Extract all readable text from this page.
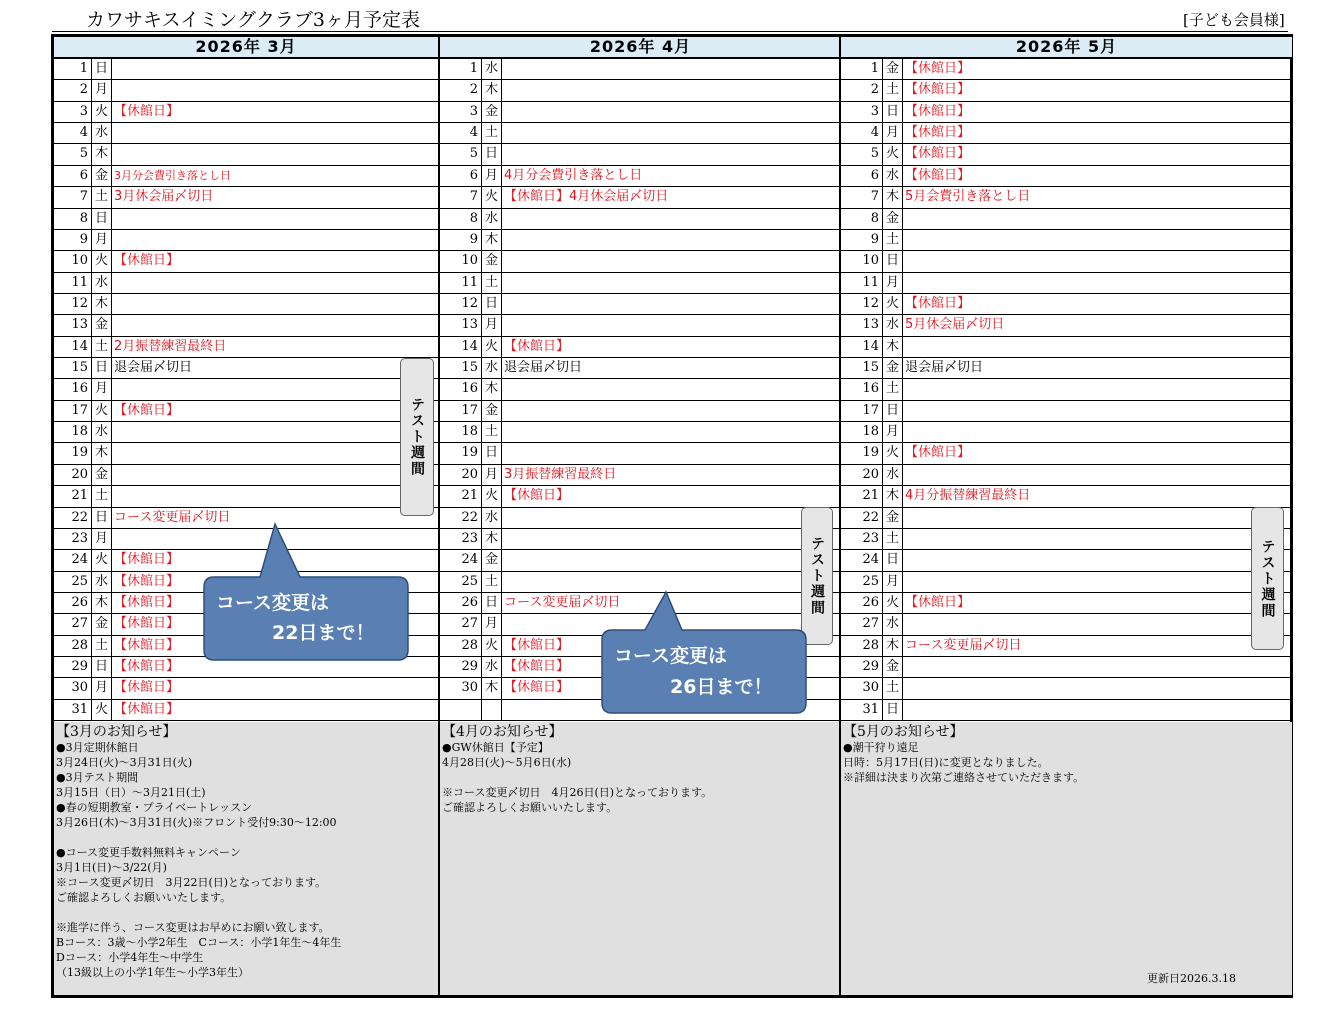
カワサキスイミングクラブ3ヶ月予定表	[子ども会員様]
2026年 3月
1 日
2 月
3 火 【休館日】
4 水
5 木
6 金 3月分会費引き落とし日
7 土 3月休会届〆切日
8 日
9 月
10 火 【休館日】
11 水
12 木
13 金
14 土 2月振替練習最終日
15 日 退会届〆切日
16 月
17 火 【休館日】
18 水
19 木
20 金
21 土
22 日 コース変更届〆切日
23 月
24 火 【休館日】
25 水 【休館日】
26 木 【休館日】
27 金 【休館日】
28 土 【休館日】
29 日 【休館日】
30 月 【休館日】
31 火 【休館日】
【3月のお知らせ】
●3月定期休館日
3月24日(火)～3月31日(火)
●3月テスト期間
3月15日（日）～3月21日(土)
●春の短期教室・プライベートレッスン
3月26日(木)～3月31日(火)※フロント受付9:30～12:00
●コース変更手数料無料キャンペーン
3月1日(日)～3/22(月)
※コース変更〆切日　3月22日(日)となっております。
ご確認よろしくお願いいたします。
※進学に伴う、コース変更はお早めにお願い致します。
Bコース：3歳～小学2年生　Cコース：小学1年生～4年生
Dコース：小学4年生～中学生
（13級以上の小学1年生～小学3年生）
2026年 4月
1 水
2 木
3 金
4 土
5 日
6 月 4月分会費引き落とし日
7 火 【休館日】4月休会届〆切日
8 水
9 木
10 金
11 土
12 日
13 月
14 火 【休館日】
15 水 退会届〆切日
16 木
17 金
18 土
19 日
20 月 3月振替練習最終日
21 火 【休館日】
22 水
23 木
24 金
25 土
26 日 コース変更届〆切日
27 月
28 火 【休館日】
29 水 【休館日】
30 木 【休館日】
【4月のお知らせ】
●GW休館日【予定】
4月28日(火)～5月6日(水)
※コース変更〆切日　4月26日(日)となっております。
ご確認よろしくお願いいたします。
2026年 5月
1 金 【休館日】
2 土 【休館日】
3 日 【休館日】
4 月 【休館日】
5 火 【休館日】
6 水 【休館日】
7 木 5月会費引き落とし日
8 金
9 土
10 日
11 月
12 火 【休館日】
13 水 5月休会届〆切日
14 木
15 金 退会届〆切日
16 土
17 日
18 月
19 火 【休館日】
20 水
21 木 4月分振替練習最終日
22 金
23 土
24 日
25 月
26 火 【休館日】
27 水
28 木 コース変更届〆切日
29 金
30 土
31 日
【5月のお知らせ】
●潮干狩り遠足
日時：5月17日(日)に変更となりました。
※詳細は決まり次第ご連絡させていただきます。
更新日2026.3.18
テスト週間
テスト週間	テスト週間
コース変更は
22日まで！
コース変更は
26日まで！
